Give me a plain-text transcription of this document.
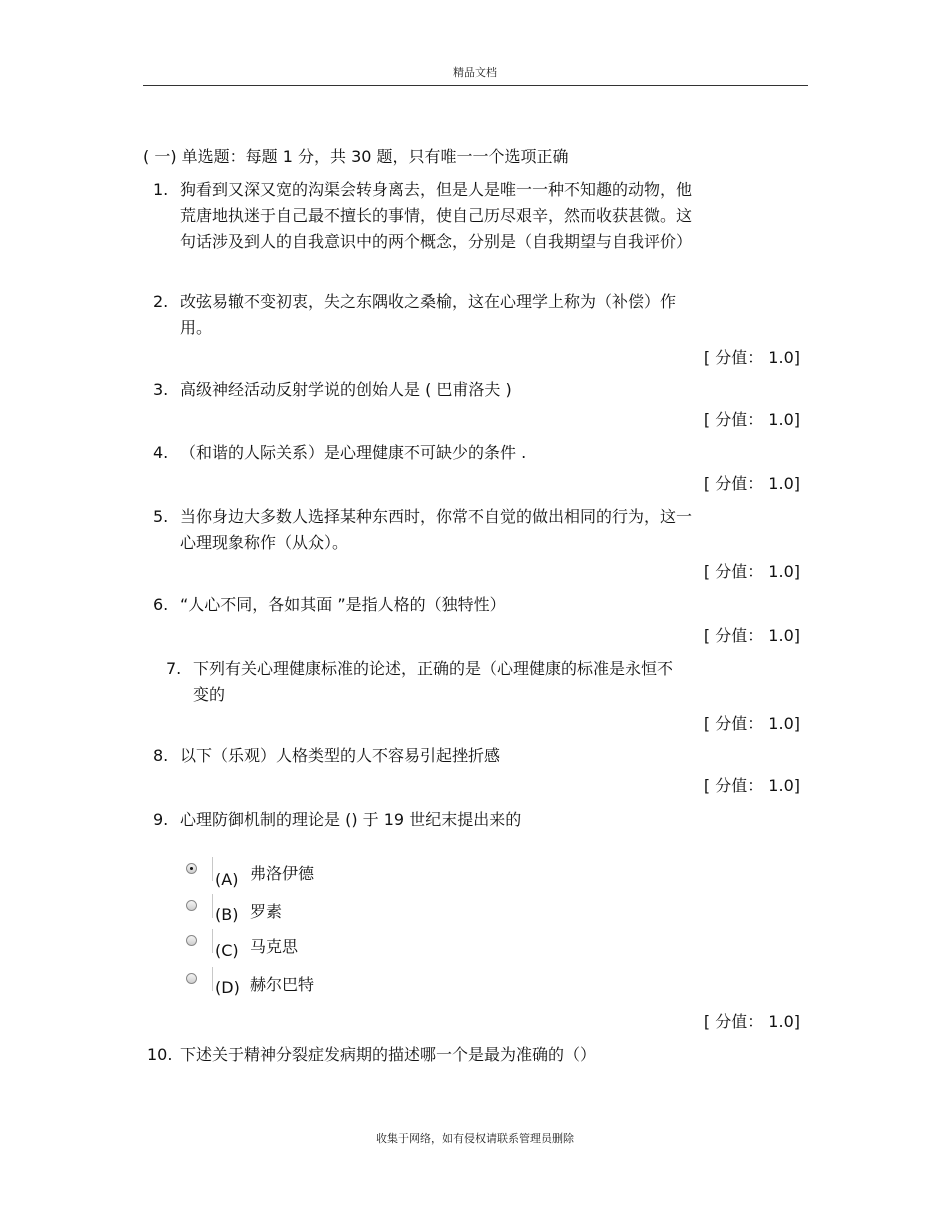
精品文档
( 一) 单选题：每题 1 分，共 30 题，只有唯一一个选项正确
1. 狗看到又深又宽的沟渠会转身离去，但是人是唯一一种不知趣的动物，他
荒唐地执迷于自己最不擅长的事情，使自己历尽艰辛，然而收获甚微。这
句话涉及到人的自我意识中的两个概念，分别是（自我期望与自我评价）
2. 改弦易辙不变初衷，失之东隅收之桑榆，这在心理学上称为（补偿）作
用。
[ 分值： 1.0]
3. 高级神经活动反射学说的创始人是 ( 巴甫洛夫 )
[ 分值： 1.0]
4. （和谐的人际关系）是心理健康不可缺少的条件 .
[ 分值： 1.0]
5. 当你身边大多数人选择某种东西时，你常不自觉的做出相同的行为，这一
心理现象称作（从众）。
[ 分值： 1.0]
6. “人心不同，各如其面 ”是指人格的（独特性）
[ 分值： 1.0]
7. 下列有关心理健康标准的论述，正确的是（心理健康的标准是永恒不
变的
[ 分值： 1.0]
8. 以下（乐观）人格类型的人不容易引起挫折感
[ 分值： 1.0]
9. 心理防御机制的理论是 () 于 19 世纪末提出来的
(A) 弗洛伊德
(B) 罗素
(C) 马克思
(D) 赫尔巴特
[ 分值： 1.0]
10. 下述关于精神分裂症发病期的描述哪一个是最为准确的（）
收集于网络，如有侵权请联系管理员删除
